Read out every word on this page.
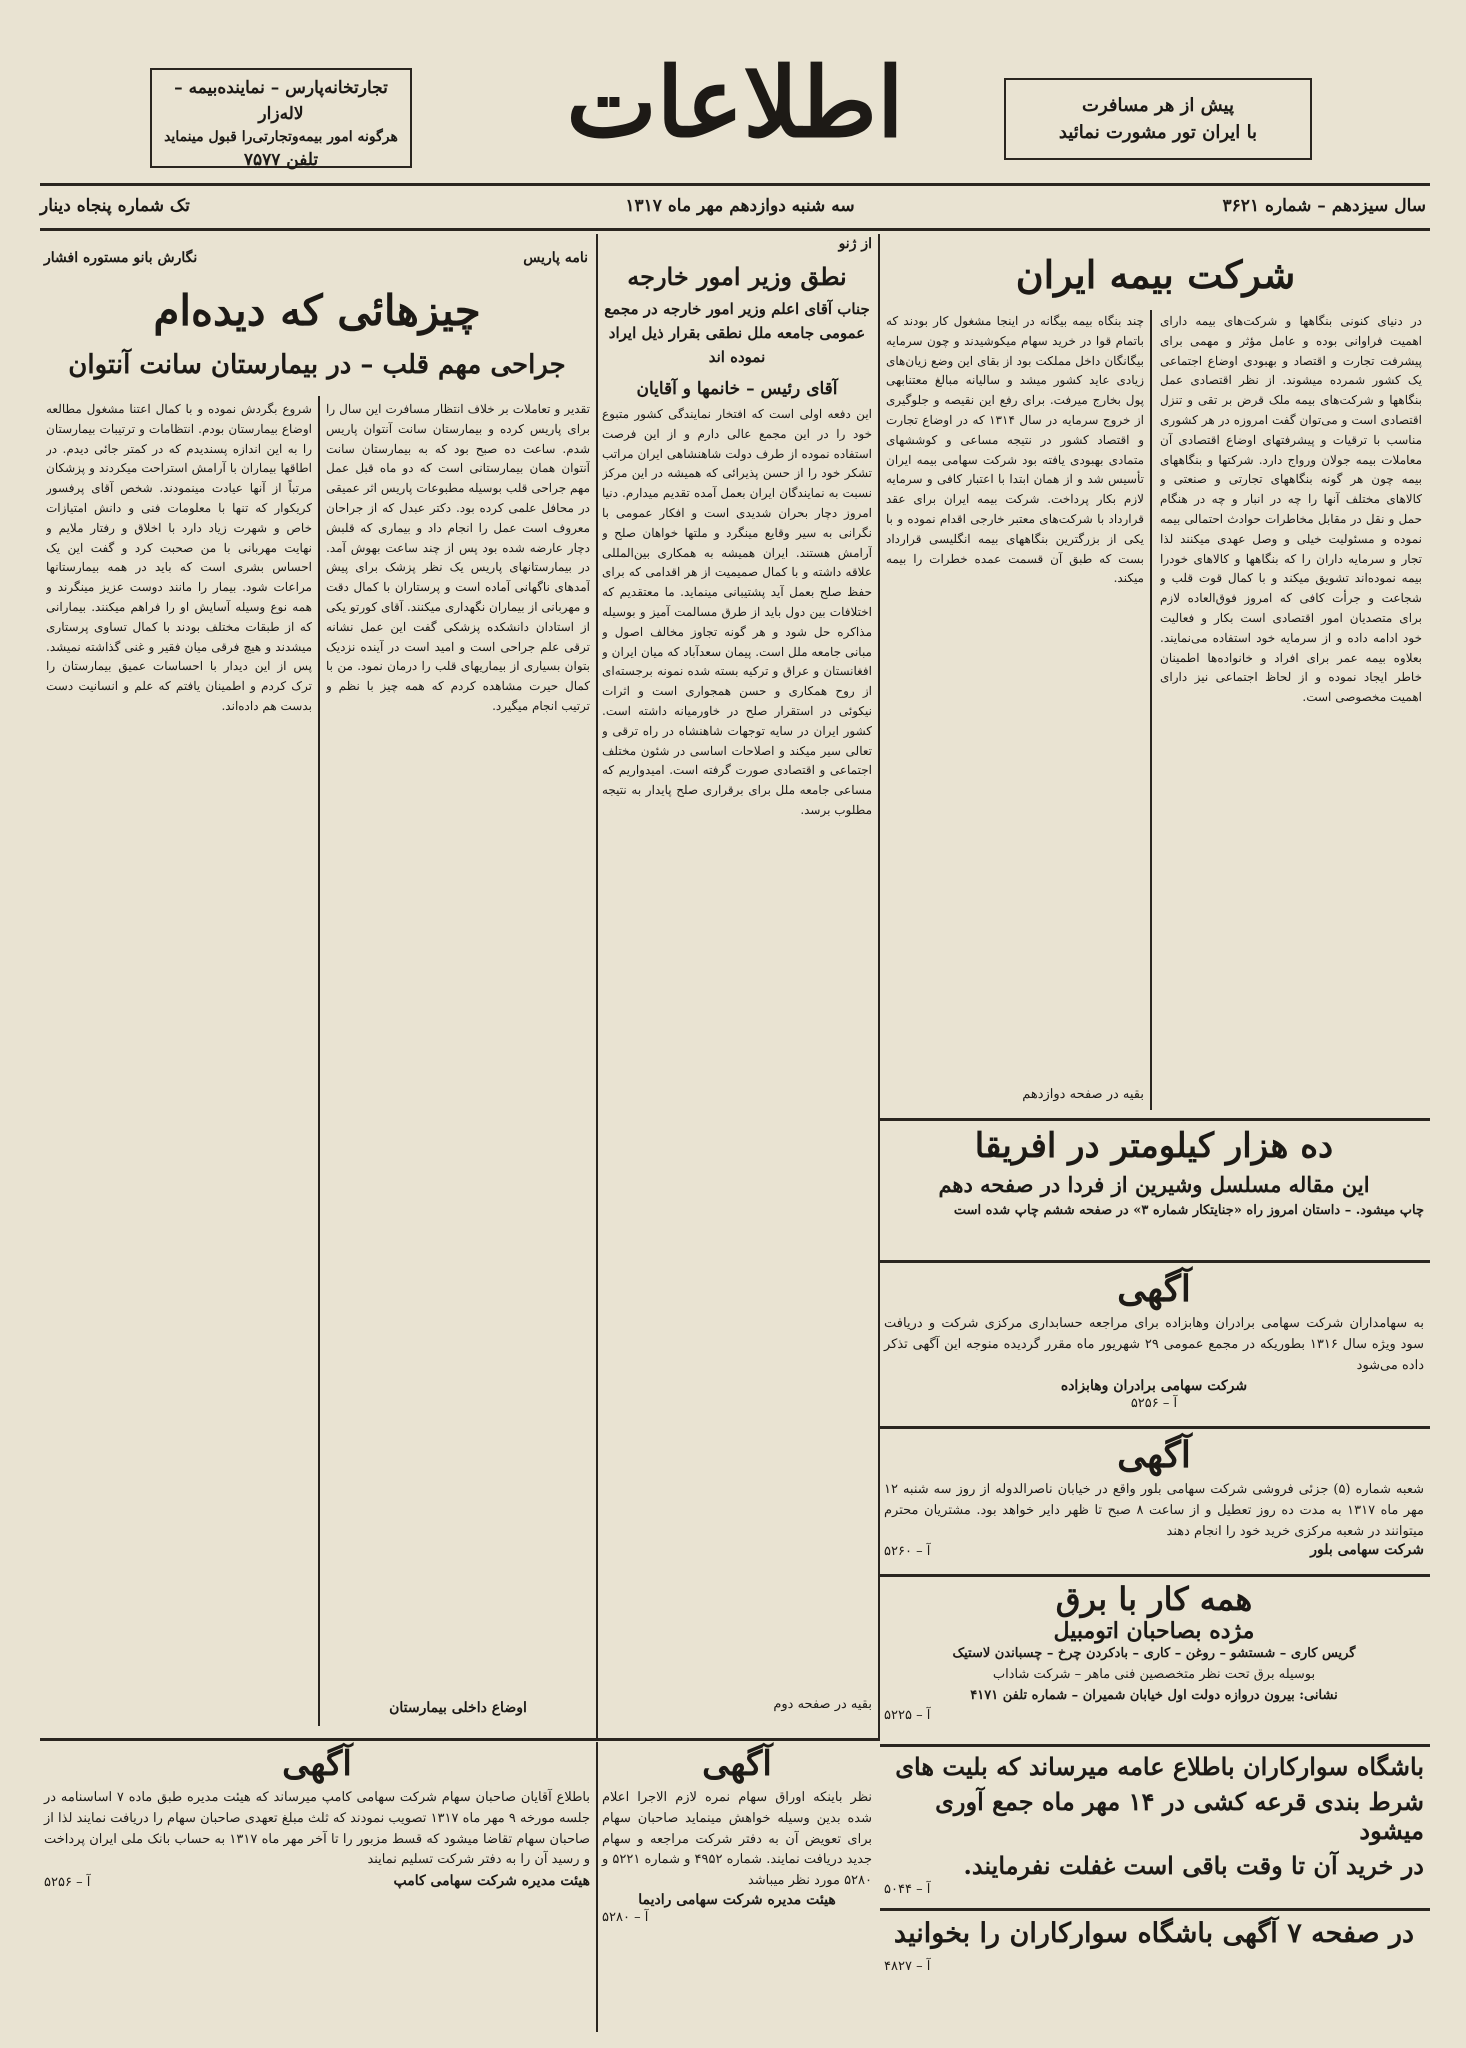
تجارتخانه‌پارس – نماینده‌بیمه – لاله‌زار
هر‌گونه امور بیمه‌وتجارتی‌را قبول مینماید
تلفن ۷۵۷۷
اطلاعات	پیش از هر مسافرت
با ایران تور مشورت نمائید
سال سیزدهم – شماره ۳۶۲۱
سه شنبه دوازدهم مهر ماه ۱۳۱۷
تک شماره پنجاه دینار
شرکت بیمه ایران
در دنیای کنونی بنگاهها و شرکت‌های بیمه دارای اهمیت فراوانی بوده و عامل مؤثر و مهمی برای پیشرفت تجارت و اقتصاد و بهبودی اوضاع اجتماعی یک کشور شمرده میشوند. از نظر اقتصادی عمل بنگاهها و شرکت‌های بیمه ملک قرض بر تقی و تنزل اقتصادی است و می‌توان گفت امروزه در هر کشوری مناسب با ترقیات و پیشرفتهای اوضاع اقتصادی آن معاملات بیمه جولان ورواج دارد. شرکتها و بنگاههای بیمه چون هر گونه بنگاههای تجارتی و صنعتی و کالاهای مختلف آنها را چه در انبار و چه در هنگام حمل و نقل در مقابل مخاطرات حوادث احتمالی بیمه نموده و مسئولیت خیلی و وصل عهدی میکنند لذا تجار و سرمایه داران را که بنگاهها و کالاهای خودرا بیمه نموده‌اند تشویق میکند و با کمال قوت قلب و شجاعت و جرأت کافی که امروز فوق‌العاده لازم برای متصدیان امور اقتصادی است بکار و فعالیت خود ادامه داده و از سرمایه خود استفاده می‌نمایند. بعلاوه بیمه عمر برای افراد و خانواده‌ها اطمینان خاطر ایجاد نموده و از لحاظ اجتماعی نیز دارای اهمیت مخصوصی است.
چند بنگاه بیمه بیگانه در اینجا مشغول کار بودند که باتمام قوا در خرید سهام میکوشیدند و چون سرمایه بیگانگان داخل مملکت بود از بقای این وضع زیان‌های زیادی عاید کشور میشد و سالیانه مبالغ معتنابهی پول بخارج میرفت. برای رفع این نقیصه و جلوگیری از خروج سرمایه در سال ۱۳۱۴ که در اوضاع تجارت و اقتصاد کشور در نتیجه مساعی و کوششهای متمادی بهبودی یافته بود شرکت سهامی بیمه ایران تأسیس شد و از همان ابتدا با اعتبار کافی و سرمایه لازم بکار پرداخت. شرکت بیمه ایران برای عقد قرارداد با شرکت‌های معتبر خارجی اقدام نموده و با یکی از بزرگترین بنگاههای بیمه انگلیسی قرارداد بست که طبق آن قسمت عمده خطرات را بیمه میکند.
بقیه در صفحه دوازدهم
ده هزار کیلومتر در افریقا
این مقاله مسلسل وشیرین از فردا در صفحه دهم
چاپ میشود. – داستان امروز راه «جنایتکار شماره ۳» در صفحه ششم چاپ شده است
آگهی
به سهامداران شرکت سهامی برادران وهابزاده برای مراجعه حسابداری مرکزی شرکت و دریافت سود ویژه سال ۱۳۱۶ بطوریکه در مجمع عمومی ۲۹ شهریور ماه مقرر گردیده منوجه این آگهی تذکر داده می‌شود
شرکت سهامی برادران وهابزاده
آ – ۵۲۵۶
آگهی
شعبه شماره (۵) جزئی فروشی شرکت سهامی بلور واقع در خیابان ناصرالدوله از روز سه شنبه ۱۲ مهر ماه ۱۳۱۷ به مدت ده روز تعطیل و از ساعت ۸ صبح تا ظهر دایر خواهد بود. مشتریان محترم میتوانند در شعبه مرکزی خرید خود را انجام دهند
شرکت سهامی بلور
آ – ۵۲۶۰
همه کار با برق
مژده بصاحبان اتومبیل
گریس کاری – شستشو – روغن – کاری – بادکردن چرخ – چسباندن لاستیک
بوسیله برق تحت نظر متخصصین فنی ماهر – شرکت شاداب
نشانی: بیرون دروازه دولت اول خیابان شمیران – شماره تلفن ۴۱۷۱
آ – ۵۲۲۵
باشگاه سوارکاران باطلاع عامه میرساند که بلیت های
شرط بندی قرعه کشی در ۱۴ مهر ماه جمع آوری میشود
در خرید آن تا وقت باقی است غفلت نفرمایند.
آ – ۵۰۴۴
در صفحه ۷ آگهی باشگاه سوارکاران را بخوانید
آ – ۴۸۲۷
از ژنو
نطق وزیر امور خارجه
جناب آقای اعلم وزیر امور خارجه در مجمع عمومی جامعه ملل نطقی بقرار ذیل ایراد نموده اند
آقای رئیس – خانمها و آقایان
این دفعه اولی است که افتخار نمایندگی کشور متبوع خود را در این مجمع عالی دارم و از این فرصت استفاده نموده از طرف دولت شاهنشاهی ایران مراتب تشکر خود را از حسن پذیرائی که همیشه در این مرکز نسبت به نمایندگان ایران بعمل آمده تقدیم میدارم. دنیا امروز دچار بحران شدیدی است و افکار عمومی با نگرانی به سیر وقایع مینگرد و ملتها خواهان صلح و آرامش هستند. ایران همیشه به همکاری بین‌المللی علاقه داشته و با کمال صمیمیت از هر اقدامی که برای حفظ صلح بعمل آید پشتیبانی مینماید. ما معتقدیم که اختلافات بین دول باید از طرق مسالمت آمیز و بوسیله مذاکره حل شود و هر گونه تجاوز مخالف اصول و مبانی جامعه ملل است. پیمان سعدآباد که میان ایران و افغانستان و عراق و ترکیه بسته شده نمونه برجسته‌ای از روح همکاری و حسن همجواری است و اثرات نیکوئی در استقرار صلح در خاورمیانه داشته است. کشور ایران در سایه توجهات شاهنشاه در راه ترقی و تعالی سیر میکند و اصلاحات اساسی در شئون مختلف اجتماعی و اقتصادی صورت گرفته است. امیدواریم که مساعی جامعه ملل برای برقراری صلح پایدار به نتیجه مطلوب برسد.
بقیه در صفحه دوم
نامه پاریس
نگارش بانو مستوره افشار
چیزهائی که دیده‌ام
جراحی مهم قلب – در بیمارستان سانت آنتوان
تقدیر و تعاملات بر خلاف انتظار مسافرت این سال را برای پاریس کرده و بیمارستان سانت آنتوان پاریس شدم. ساعت ده صبح بود که به بیمارستان سانت آنتوان همان بیمارستانی است که دو ماه قبل عمل مهم جراحی قلب بوسیله مطبوعات پاریس اثر عمیقی در محافل علمی کرده بود. دکتر عبدل که از جراحان معروف است عمل را انجام داد و بیماری که قلبش دچار عارضه شده بود پس از چند ساعت بهوش آمد. در بیمارستانهای پاریس یک نظر پزشک برای پیش آمدهای ناگهانی آماده است و پرستاران با کمال دقت و مهربانی از بیماران نگهداری میکنند. آقای کورتو یکی از استادان دانشکده پزشکی گفت این عمل نشانه ترقی علم جراحی است و امید است در آینده نزدیک بتوان بسیاری از بیماریهای قلب را درمان نمود. من با کمال حیرت مشاهده کردم که همه چیز با نظم و ترتیب انجام میگیرد.
شروع بگردش نموده و با کمال اعتنا مشغول مطالعه اوضاع بیمارستان بودم. انتظامات و ترتیبات بیمارستان را به این اندازه پسندیدم که در کمتر جائی دیدم. در اطاقها بیماران با آرامش استراحت میکردند و پزشکان مرتباً از آنها عیادت مینمودند. شخص آقای پرفسور کریکوار که تنها با معلومات فنی و دانش امتیازات خاص و شهرت زیاد دارد با اخلاق و رفتار ملایم و نهایت مهربانی با من صحبت کرد و گفت این یک احساس بشری است که باید در همه بیمارستانها مراعات شود. بیمار را مانند دوست عزیز مینگرند و همه نوع وسیله آسایش او را فراهم میکنند. بیمارانی که از طبقات مختلف بودند با کمال تساوی پرستاری میشدند و هیچ فرقی میان فقیر و غنی گذاشته نمیشد. پس از این دیدار با احساسات عمیق بیمارستان را ترک کردم و اطمینان یافتم که علم و انسانیت دست بدست هم داده‌اند.
اوضاع داخلی بیمارستان
آگهی
باطلاع آقایان صاحبان سهام شرکت سهامی کامپ میرساند که هیئت مدیره طبق ماده ۷ اساسنامه در جلسه مورخه ۹ مهر ماه ۱۳۱۷ تصویب نمودند که ثلث مبلغ تعهدی صاحبان سهام را دریافت نمایند لذا از صاحبان سهام تقاضا میشود که قسط مزبور را تا آخر مهر ماه ۱۳۱۷ به حساب بانک ملی ایران پرداخت و رسید آن را به دفتر شرکت تسلیم نمایند
هیئت مدیره شرکت سهامی کامپ
آ – ۵۲۵۶
آگهی
نظر باینکه اوراق سهام نمره لازم الاجرا اعلام شده بدین وسیله خواهش مینماید صاحبان سهام برای تعویض آن به دفتر شرکت مراجعه و سهام جدید دریافت نمایند. شماره ۴۹۵۲ و شماره ۵۲۲۱ و ۵۲۸۰ مورد نظر میباشد
هیئت مدیره شرکت سهامی رادیما
آ – ۵۲۸۰
